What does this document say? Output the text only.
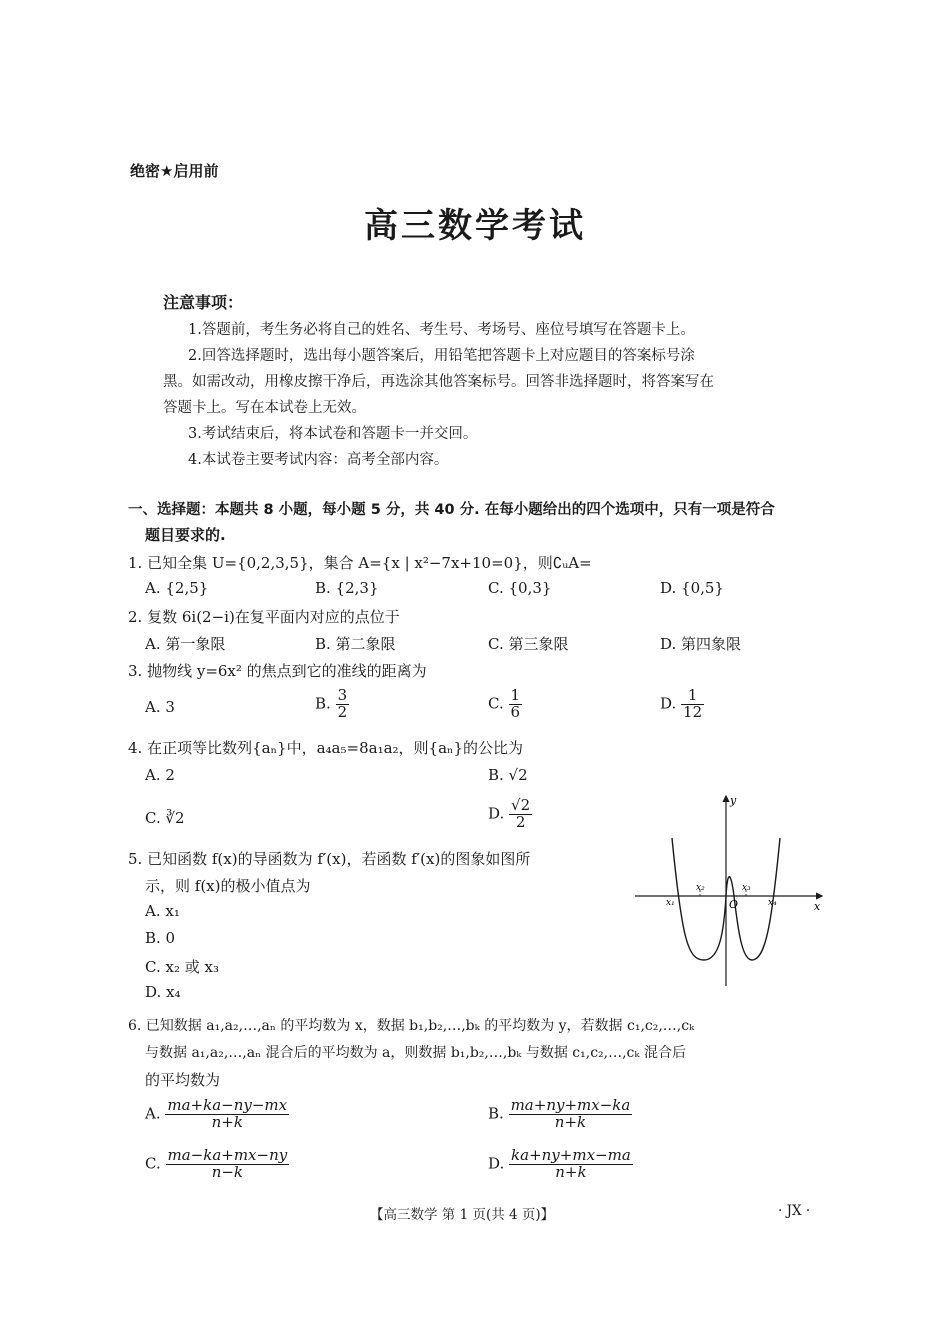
绝密★启用前
高三数学考试
注意事项：
1.答题前，考生务必将自己的姓名、考生号、考场号、座位号填写在答题卡上。
2.回答选择题时，选出每小题答案后，用铅笔把答题卡上对应题目的答案标号涂
黑。如需改动，用橡皮擦干净后，再选涂其他答案标号。回答非选择题时，将答案写在
答题卡上。写在本试卷上无效。
3.考试结束后，将本试卷和答题卡一并交回。
4.本试卷主要考试内容：高考全部内容。
一、选择题：本题共 8 小题，每小题 5 分，共 40 分. 在每小题给出的四个选项中，只有一项是符合
题目要求的.
1. 已知全集 U={0,2,3,5}，集合 A={x | x²−7x+10=0}，则∁ᵤA=
A. {2,5}	B. {2,3}	C. {0,3}	D. {0,5}
2. 复数 6i(2−i)在复平面内对应的点位于
A. 第一象限	B. 第二象限	C. 第三象限	D. 第四象限
3. 抛物线 y=6x² 的焦点到它的准线的距离为
A. 3	B. $\frac{3}{2}$	C. $\frac{1}{6}$	D. $\frac{1}{12}$
4. 在正项等比数列{aₙ}中，a₄a₅=8a₁a₂，则{aₙ}的公比为
A. 2	B. √2
C. ∛2	D. $\frac{√2}{2}$
5. 已知函数 f(x)的导函数为 f′(x)，若函数 f′(x)的图象如图所
示，则 f(x)的极小值点为
A. x₁
B. 0
C. x₂ 或 x₃
D. x₄
y
x
O
x₁
x₂	x₃
x₄
6. 已知数据 a₁,a₂,…,aₙ 的平均数为 x，数据 b₁,b₂,…,bₖ 的平均数为 y，若数据 c₁,c₂,…,cₖ
与数据 a₁,a₂,…,aₙ 混合后的平均数为 a，则数据 b₁,b₂,…,bₖ 与数据 c₁,c₂,…,cₖ 混合后
的平均数为
A. $\frac{ma+ka-ny-mx}{n+k}$	B. $\frac{ma+ny+mx-ka}{n+k}$
C. $\frac{ma-ka+mx-ny}{n-k}$	D. $\frac{ka+ny+mx-ma}{n+k}$
【高三数学 第 1 页(共 4 页)】	· JX ·
